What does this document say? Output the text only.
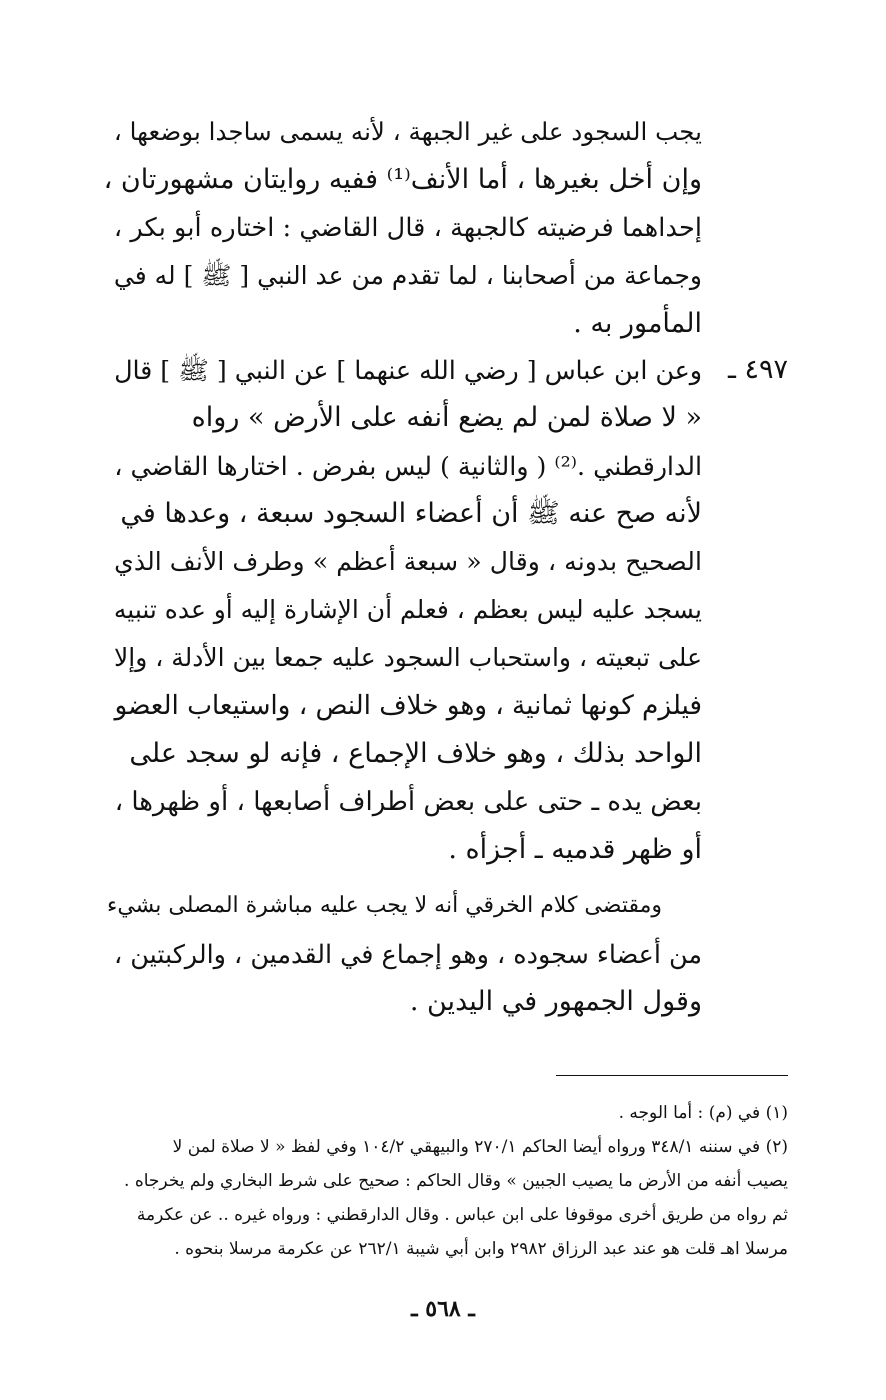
يجب السجود على غير الجبهة ، لأنه يسمى ساجدا بوضعها ،
وإن أخل بغيرها ، أما الأنف⁽¹⁾ ففيه روايتان مشهورتان ،
إحداهما فرضيته كالجبهة ، قال القاضي : اختاره أبو بكر ،
وجماعة من أصحابنا ، لما تقدم من عد النبي [ ﷺ ] له في
المأمور به .
٤٩٧ ـ
وعن ابن عباس [ رضي الله عنهما ] عن النبي [ ﷺ ] قال
« لا صلاة لمن لم يضع أنفه على الأرض » رواه
الدارقطني .⁽²⁾ ( والثانية ) ليس بفرض . اختارها القاضي ،
لأنه صح عنه ﷺ أن أعضاء السجود سبعة ، وعدها في
الصحيح بدونه ، وقال « سبعة أعظم » وطرف الأنف الذي
يسجد عليه ليس بعظم ، فعلم أن الإشارة إليه أو عده تنبيه
على تبعيته ، واستحباب السجود عليه جمعا بين الأدلة ، وإلا
فيلزم كونها ثمانية ، وهو خلاف النص ، واستيعاب العضو
الواحد بذلك ، وهو خلاف الإجماع ، فإنه لو سجد على
بعض يده ـ حتى على بعض أطراف أصابعها ، أو ظهرها ،
أو ظهر قدميه ـ أجزأه .
ومقتضى كلام الخرقي أنه لا يجب عليه مباشرة المصلى بشيء
من أعضاء سجوده ، وهو إجماع في القدمين ، والركبتين ،
وقول الجمهور في اليدين .
(١) في (م) : أما الوجه .
(٢) في سننه ٣٤٨/١ ورواه أيضا الحاكم ٢٧٠/١ والبيهقي ١٠٤/٢ وفي لفظ « لا صلاة لمن لا
يصيب أنفه من الأرض ما يصيب الجبين » وقال الحاكم : صحيح على شرط البخاري ولم يخرجاه .
ثم رواه من طريق أخرى موقوفا على ابن عباس . وقال الدارقطني : ورواه غيره .. عن عكرمة
مرسلا اهـ قلت هو عند عبد الرزاق ٢٩٨٢ وابن أبي شيبة ٢٦٢/١ عن عكرمة مرسلا بنحوه .
ـ ٥٦٨ ـ
